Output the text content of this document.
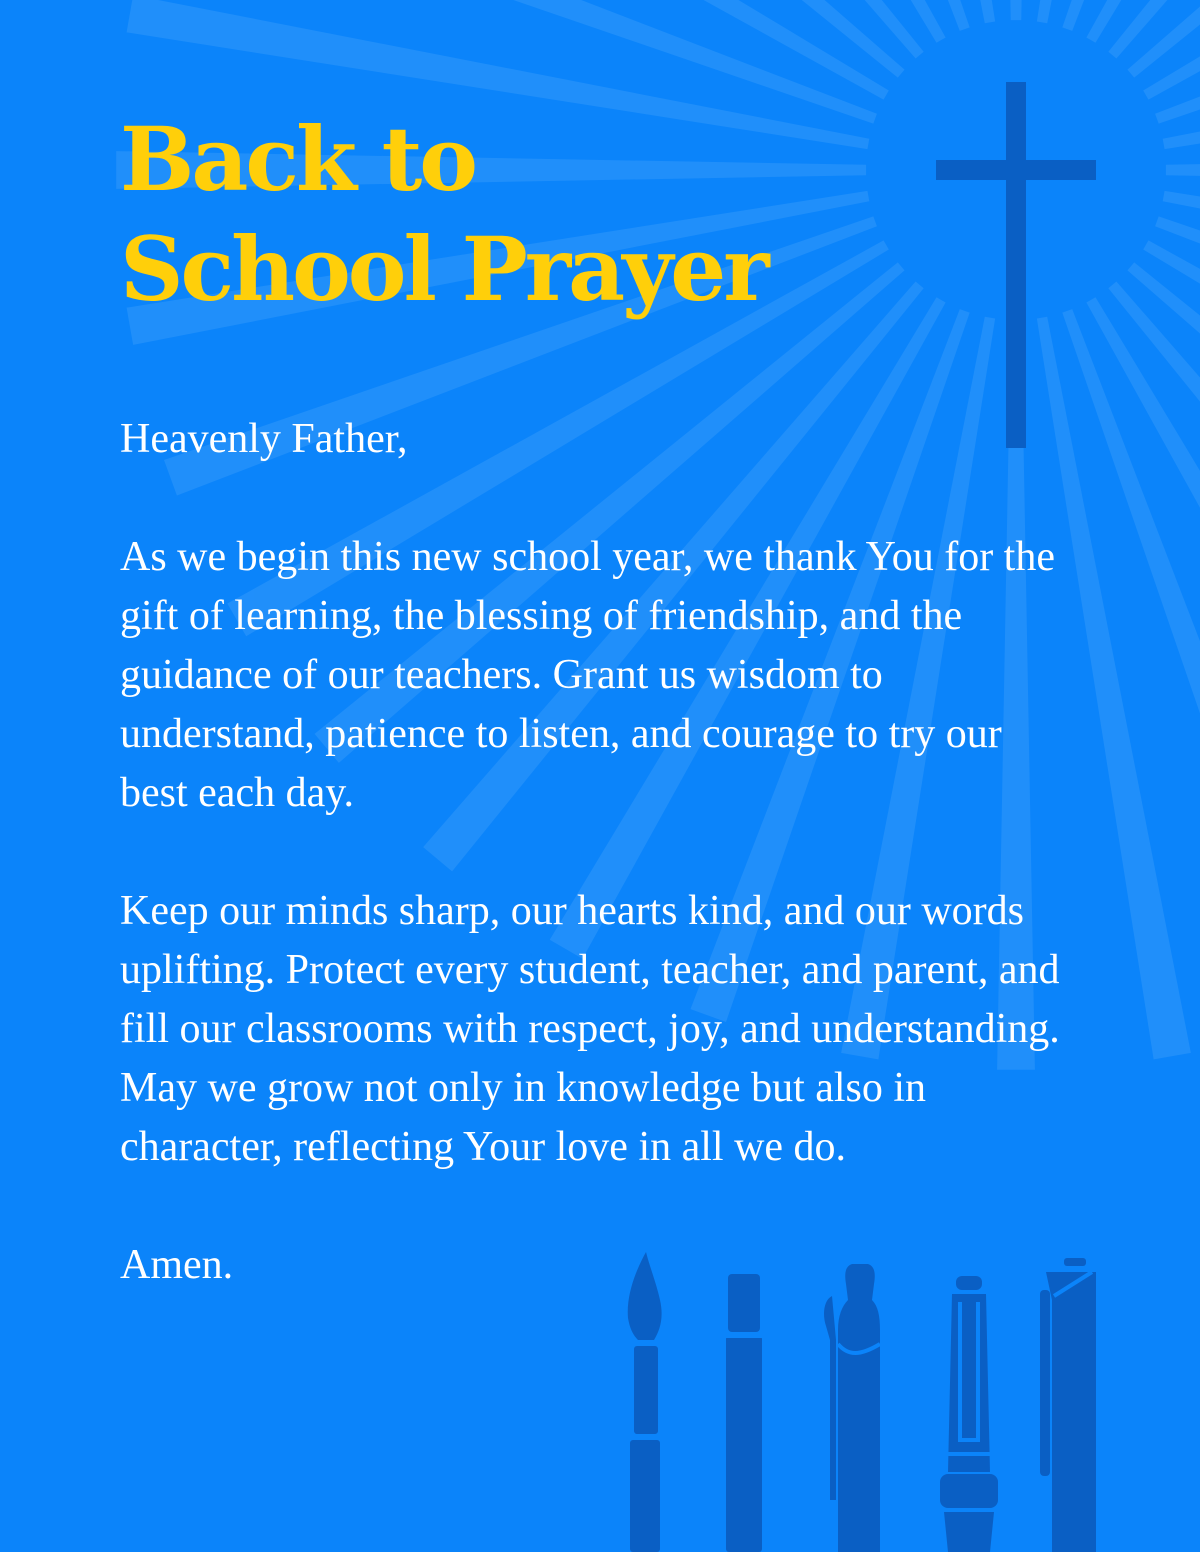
Back to
School Prayer

Heavenly Father,

As we begin this new school year, we thank You for the gift of learning, the blessing of friendship, and the guidance of our teachers. Grant us wisdom to understand, patience to listen, and courage to try our best each day.

Keep our minds sharp, our hearts kind, and our words uplifting. Protect every student, teacher, and parent, and fill our classrooms with respect, joy, and understanding. May we grow not only in knowledge but also in character, reflecting Your love in all we do.

Amen.
